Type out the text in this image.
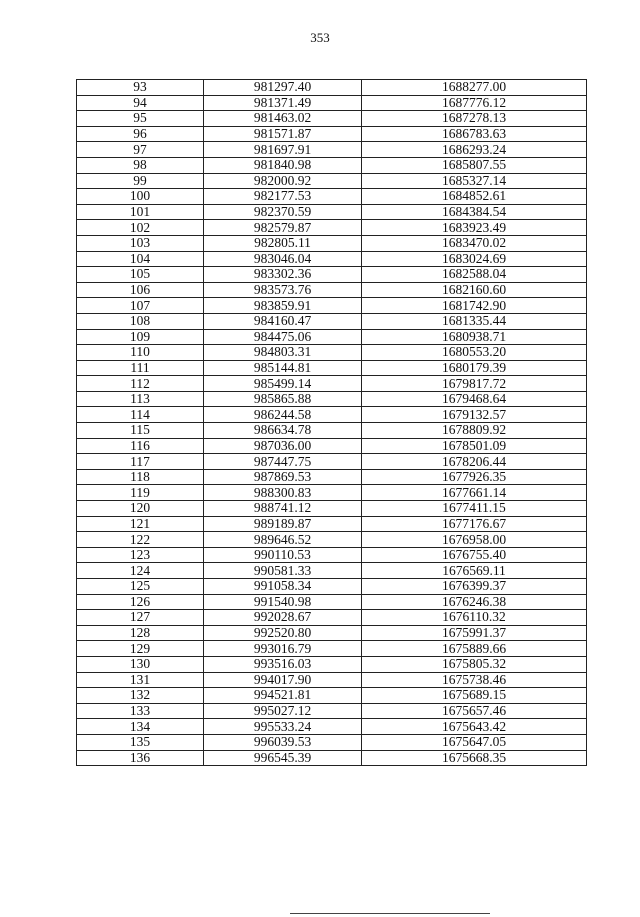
353
93	981297.40	1688277.00
94	981371.49	1687776.12
95	981463.02	1687278.13
96	981571.87	1686783.63
97	981697.91	1686293.24
98	981840.98	1685807.55
99	982000.92	1685327.14
100	982177.53	1684852.61
101	982370.59	1684384.54
102	982579.87	1683923.49
103	982805.11	1683470.02
104	983046.04	1683024.69
105	983302.36	1682588.04
106	983573.76	1682160.60
107	983859.91	1681742.90
108	984160.47	1681335.44
109	984475.06	1680938.71
110	984803.31	1680553.20
111	985144.81	1680179.39
112	985499.14	1679817.72
113	985865.88	1679468.64
114	986244.58	1679132.57
115	986634.78	1678809.92
116	987036.00	1678501.09
117	987447.75	1678206.44
118	987869.53	1677926.35
119	988300.83	1677661.14
120	988741.12	1677411.15
121	989189.87	1677176.67
122	989646.52	1676958.00
123	990110.53	1676755.40
124	990581.33	1676569.11
125	991058.34	1676399.37
126	991540.98	1676246.38
127	992028.67	1676110.32
128	992520.80	1675991.37
129	993016.79	1675889.66
130	993516.03	1675805.32
131	994017.90	1675738.46
132	994521.81	1675689.15
133	995027.12	1675657.46
134	995533.24	1675643.42
135	996039.53	1675647.05
136	996545.39	1675668.35
